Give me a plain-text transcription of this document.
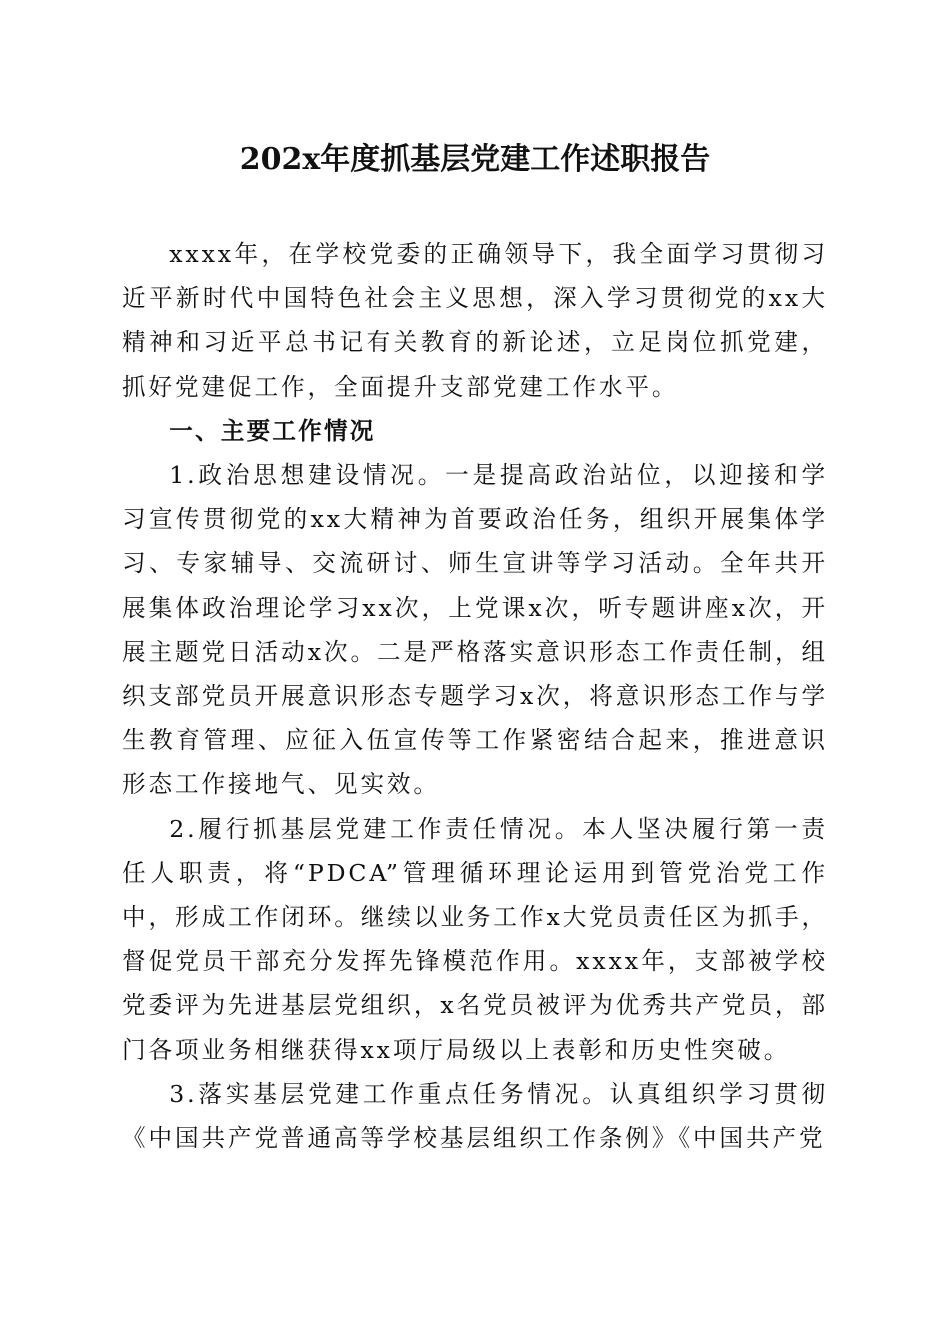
202x年度抓基层党建工作述职报告

xxxx年，在学校党委的正确领导下，我全面学习贯彻习近平新时代中国特色社会主义思想，深入学习贯彻党的xx大精神和习近平总书记有关教育的新论述，立足岗位抓党建，抓好党建促工作，全面提升支部党建工作水平。

一、主要工作情况

1.政治思想建设情况。一是提高政治站位，以迎接和学习宣传贯彻党的xx大精神为首要政治任务，组织开展集体学习、专家辅导、交流研讨、师生宣讲等学习活动。全年共开展集体政治理论学习xx次，上党课x次，听专题讲座x次，开展主题党日活动x次。二是严格落实意识形态工作责任制，组织支部党员开展意识形态专题学习x次，将意识形态工作与学生教育管理、应征入伍宣传等工作紧密结合起来，推进意识形态工作接地气、见实效。

2.履行抓基层党建工作责任情况。本人坚决履行第一责任人职责，将“PDCA”管理循环理论运用到管党治党工作中，形成工作闭环。继续以业务工作x大党员责任区为抓手，督促党员干部充分发挥先锋模范作用。xxxx年，支部被学校党委评为先进基层党组织，x名党员被评为优秀共产党员，部门各项业务相继获得xx项厅局级以上表彰和历史性突破。

3.落实基层党建工作重点任务情况。认真组织学习贯彻《中国共产党普通高等学校基层组织工作条例》《中国共产党
